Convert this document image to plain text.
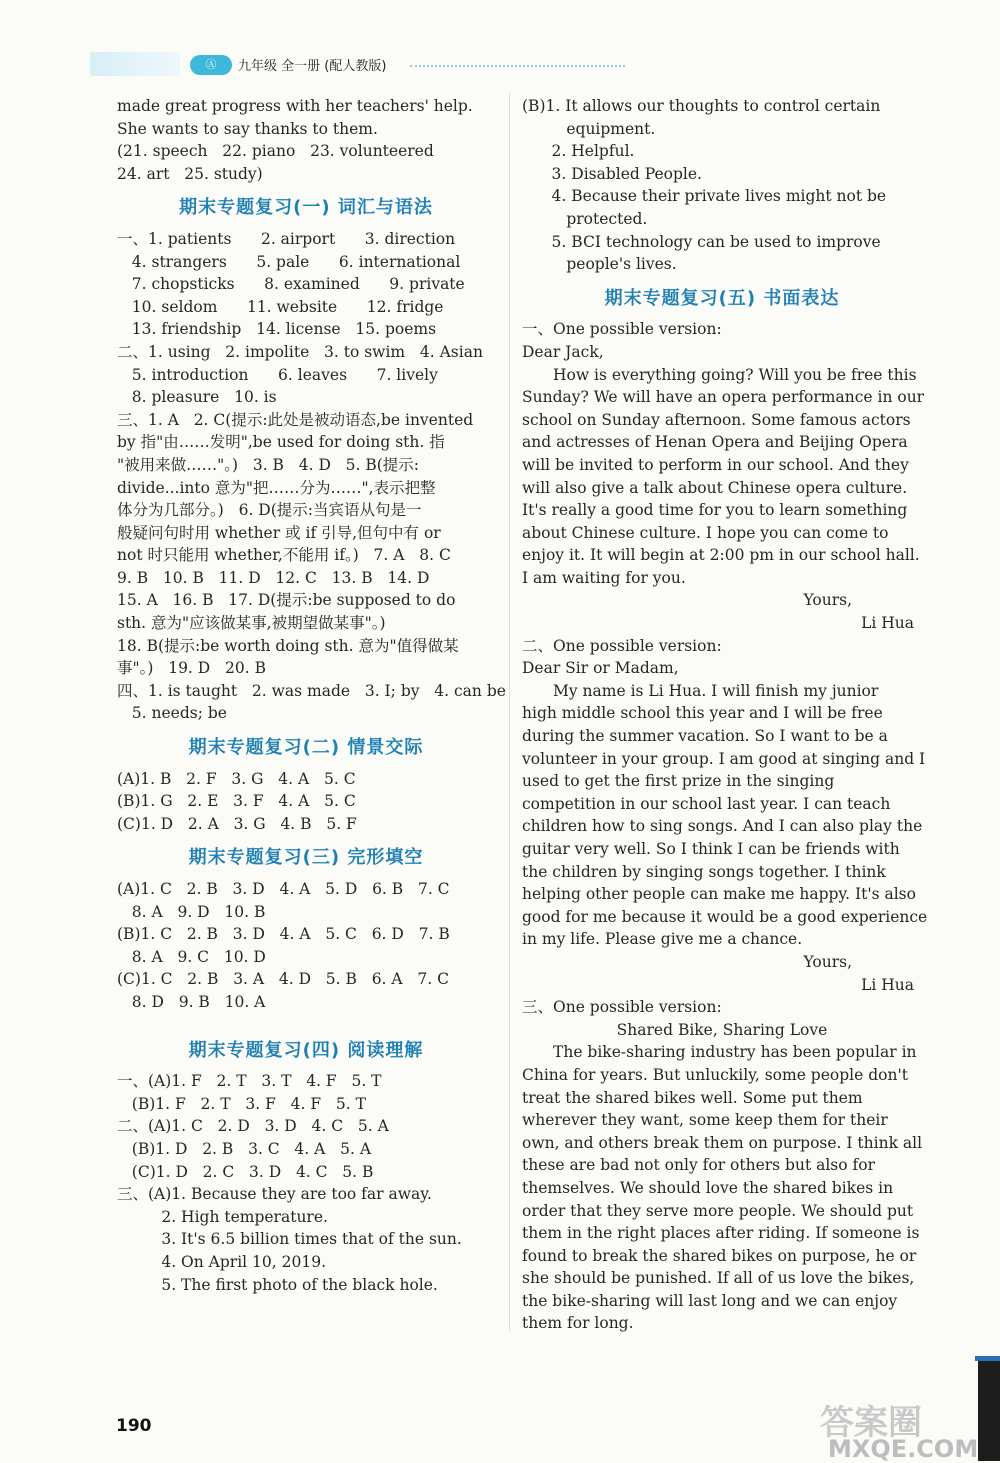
Ⓐ	九年级 全一册 (配人教版)
made great progress with her teachers' help.
She wants to say thanks to them.
(21. speech   22. piano   23. volunteered
24. art   25. study)
期末专题复习(一) 词汇与语法
一、1. patients      2. airport      3. direction
4. strangers      5. pale      6. international
7. chopsticks      8. examined      9. private
10. seldom      11. website      12. fridge
13. friendship   14. license   15. poems
二、1. using   2. impolite   3. to swim   4. Asian
5. introduction      6. leaves      7. lively
8. pleasure   10. is
三、1. A   2. C(提示:此处是被动语态,be invented
by 指"由……发明",be used for doing sth. 指
"被用来做……"。)   3. B   4. D   5. B(提示:
divide...into 意为"把……分为……",表示把整
体分为几部分。)   6. D(提示:当宾语从句是一
般疑问句时用 whether 或 if 引导,但句中有 or
not 时只能用 whether,不能用 if。)   7. A   8. C
9. B   10. B   11. D   12. C   13. B   14. D
15. A   16. B   17. D(提示:be supposed to do
sth. 意为"应该做某事,被期望做某事"。)
18. B(提示:be worth doing sth. 意为"值得做某
事"。)   19. D   20. B
四、1. is taught   2. was made   3. I; by   4. can be
5. needs; be
期末专题复习(二) 情景交际
(A)1. B   2. F   3. G   4. A   5. C
(B)1. G   2. E   3. F   4. A   5. C
(C)1. D   2. A   3. G   4. B   5. F
期末专题复习(三) 完形填空
(A)1. C   2. B   3. D   4. A   5. D   6. B   7. C
8. A   9. D   10. B
(B)1. C   2. B   3. D   4. A   5. C   6. D   7. B
8. A   9. C   10. D
(C)1. C   2. B   3. A   4. D   5. B   6. A   7. C
8. D   9. B   10. A
期末专题复习(四) 阅读理解
一、(A)1. F   2. T   3. T   4. F   5. T
(B)1. F   2. T   3. F   4. F   5. T
二、(A)1. C   2. D   3. D   4. C   5. A
(B)1. D   2. B   3. C   4. A   5. A
(C)1. D   2. C   3. D   4. C   5. B
三、(A)1. Because they are too far away.
2. High temperature.
3. It's 6.5 billion times that of the sun.
4. On April 10, 2019.
5. The first photo of the black hole.
(B)1. It allows our thoughts to control certain
equipment.
2. Helpful.
3. Disabled People.
4. Because their private lives might not be
protected.
5. BCI technology can be used to improve
people's lives.
期末专题复习(五) 书面表达
一、One possible version:
Dear Jack,
How is everything going? Will you be free this
Sunday? We will have an opera performance in our
school on Sunday afternoon. Some famous actors
and actresses of Henan Opera and Beijing Opera
will be invited to perform in our school. And they
will also give a talk about Chinese opera culture.
It's really a good time for you to learn something
about Chinese culture. I hope you can come to
enjoy it. It will begin at 2:00 pm in our school hall.
I am waiting for you.
Yours,
Li Hua
二、One possible version:
Dear Sir or Madam,
My name is Li Hua. I will finish my junior
high middle school this year and I will be free
during the summer vacation. So I want to be a
volunteer in your group. I am good at singing and I
used to get the first prize in the singing
competition in our school last year. I can teach
children how to sing songs. And I can also play the
guitar very well. So I think I can be friends with
the children by singing songs together. I think
helping other people can make me happy. It's also
good for me because it would be a good experience
in my life. Please give me a chance.
Yours,
Li Hua
三、One possible version:
Shared Bike, Sharing Love
The bike-sharing industry has been popular in
China for years. But unluckily, some people don't
treat the shared bikes well. Some put them
wherever they want, some keep them for their
own, and others break them on purpose. I think all
these are bad not only for others but also for
themselves. We should love the shared bikes in
order that they serve more people. We should put
them in the right places after riding. If someone is
found to break the shared bikes on purpose, he or
she should be punished. If all of us love the bikes,
the bike-sharing will last long and we can enjoy
them for long.
190	答案圈
MXQE.COM
